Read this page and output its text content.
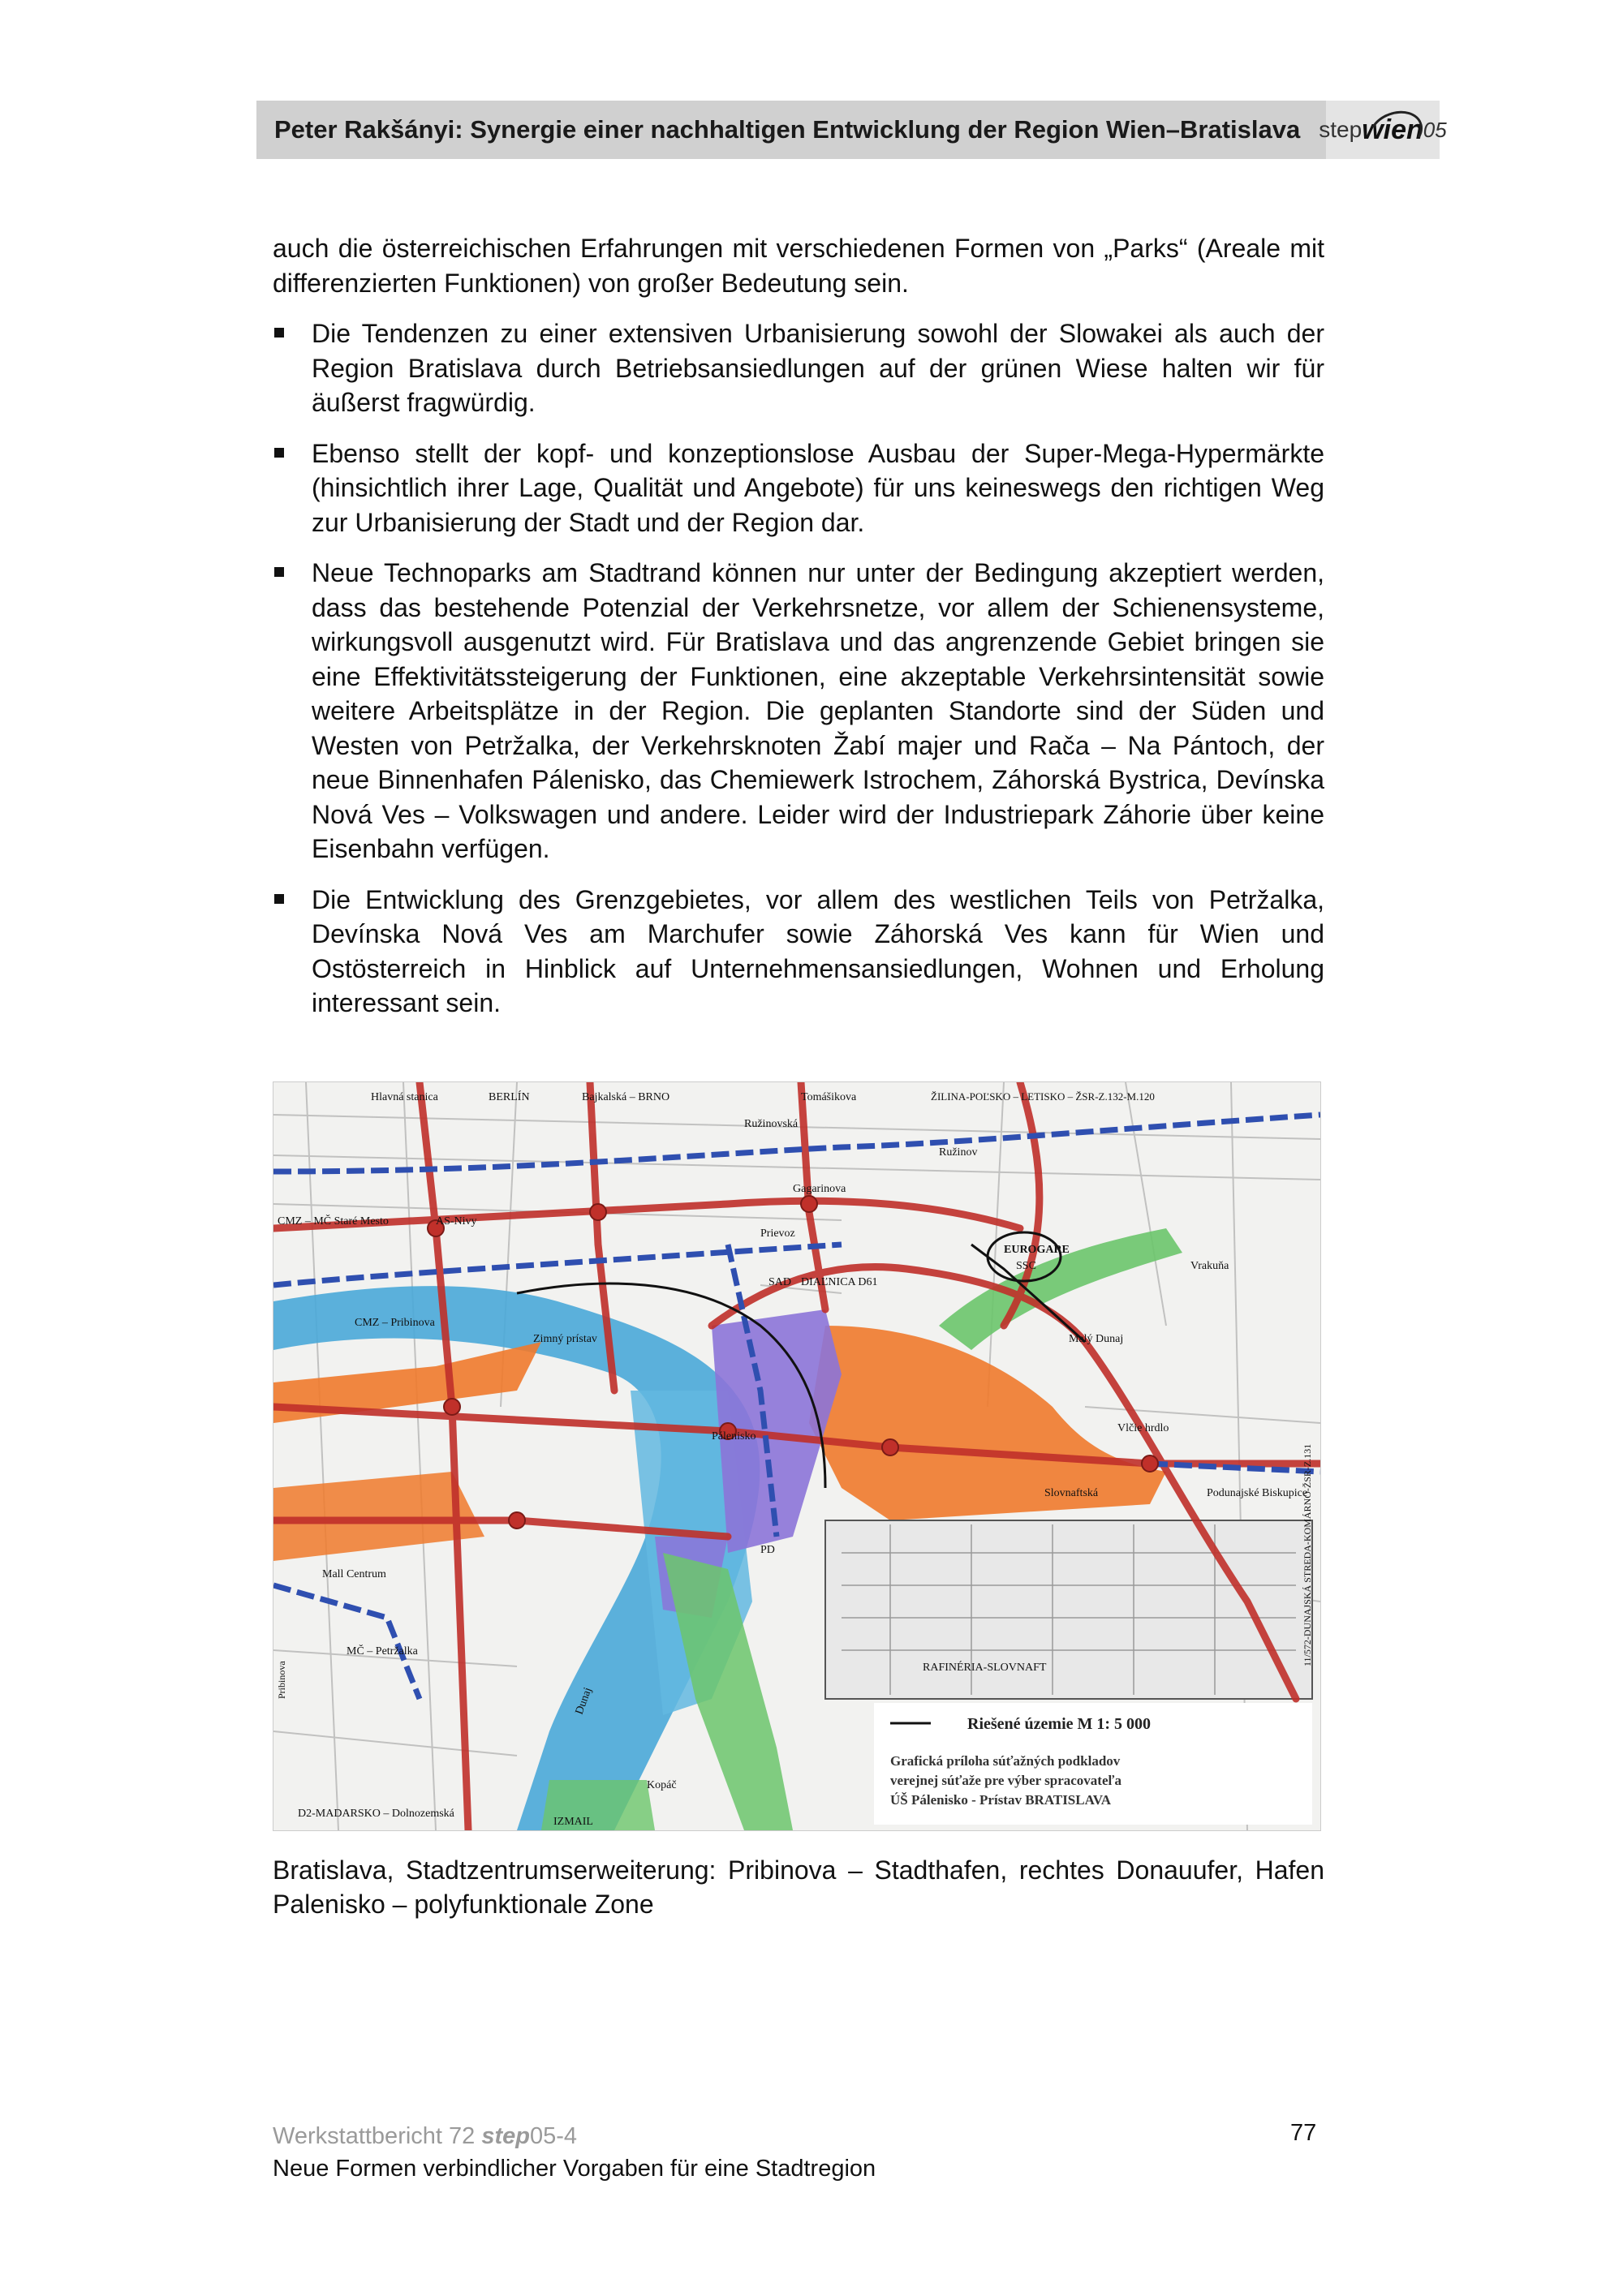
Peter Rakšányi: Synergie einer nachhaltigen Entwicklung der Region Wien–Bratislava step wien 05

auch die österreichischen Erfahrungen mit verschiedenen Formen von „Parks“ (Areale mit differenzierten Funktionen) von großer Bedeutung sein.

Die Tendenzen zu einer extensiven Urbanisierung sowohl der Slowakei als auch der Region Bratislava durch Betriebsansiedlungen auf der grünen Wiese halten wir für äußerst fragwürdig.
Ebenso stellt der kopf- und konzeptionslose Ausbau der Super-Mega-Hypermärkte (hinsichtlich ihrer Lage, Qualität und Angebote) für uns keineswegs den richtigen Weg zur Urbanisierung der Stadt und der Region dar.
Neue Technoparks am Stadtrand können nur unter der Bedingung akzeptiert werden, dass das bestehende Potenzial der Verkehrsnetze, vor allem der Schienensysteme, wirkungsvoll ausgenutzt wird. Für Bratislava und das angrenzende Gebiet bringen sie eine Effektivitätssteigerung der Funktionen, eine akzeptable Verkehrsintensität sowie weitere Arbeitsplätze in der Region. Die geplanten Standorte sind der Süden und Westen von Petržalka, der Verkehrsknoten Žabí majer und Rača – Na Pántoch, der neue Binnenhafen Pálenisko, das Chemiewerk Istrochem, Záhorská Bystrica, Devínska Nová Ves – Volkswagen und andere. Leider wird der Industriepark Záhorie über keine Eisenbahn verfügen.
Die Entwicklung des Grenzgebietes, vor allem des westlichen Teils von Petržalka, Devínska Nová Ves am Marchufer sowie Záhorská Ves kann für Wien und Ostösterreich in Hinblick auf Unternehmensansiedlungen, Wohnen und Erholung interessant sein.
Hlavná stanica	BERLÍN	Bajkalská – BRNO	Tomášikova	ŽILINA-POĽSKO – LETISKO – ŽSR-Z.132-M.120
Ružinovská
Ružinov
Gagarinova
CMZ – MČ Staré Mesto	AS-Nivy
Prievoz
EUROGARE
SSC
SAD DIAĽNICA D61
CMZ – Pribinova
Zimný prístav
Vrakuňa
Malý Dunaj
Vlčie hrdlo
Pálenisko
PD
Slovnaftská	Podunajské Biskupice
Mall Centrum
MČ – Petržalka
RAFINÉRIA-SLOVNAFT
Dunaj
Kopáč
D2-MADARSKO – Dolnozemská
IZMAIL
Pribinova
11/572-DUNAJSKÁ STREDA-KOMÁRNO-ŽSR-Z.131
Riešené územie M 1: 5 000
Grafická príloha súťažných podkladov
verejnej súťaže pre výber spracovateľa
ÚŠ Pálenisko - Prístav BRATISLAVA
Bratislava, Stadtzentrumserweiterung: Pribinova – Stadthafen, rechtes Donauufer, Hafen Palenisko – polyfunktionale Zone
Werkstattbericht 72 step05-4
Neue Formen verbindlicher Vorgaben für eine Stadtregion
77
